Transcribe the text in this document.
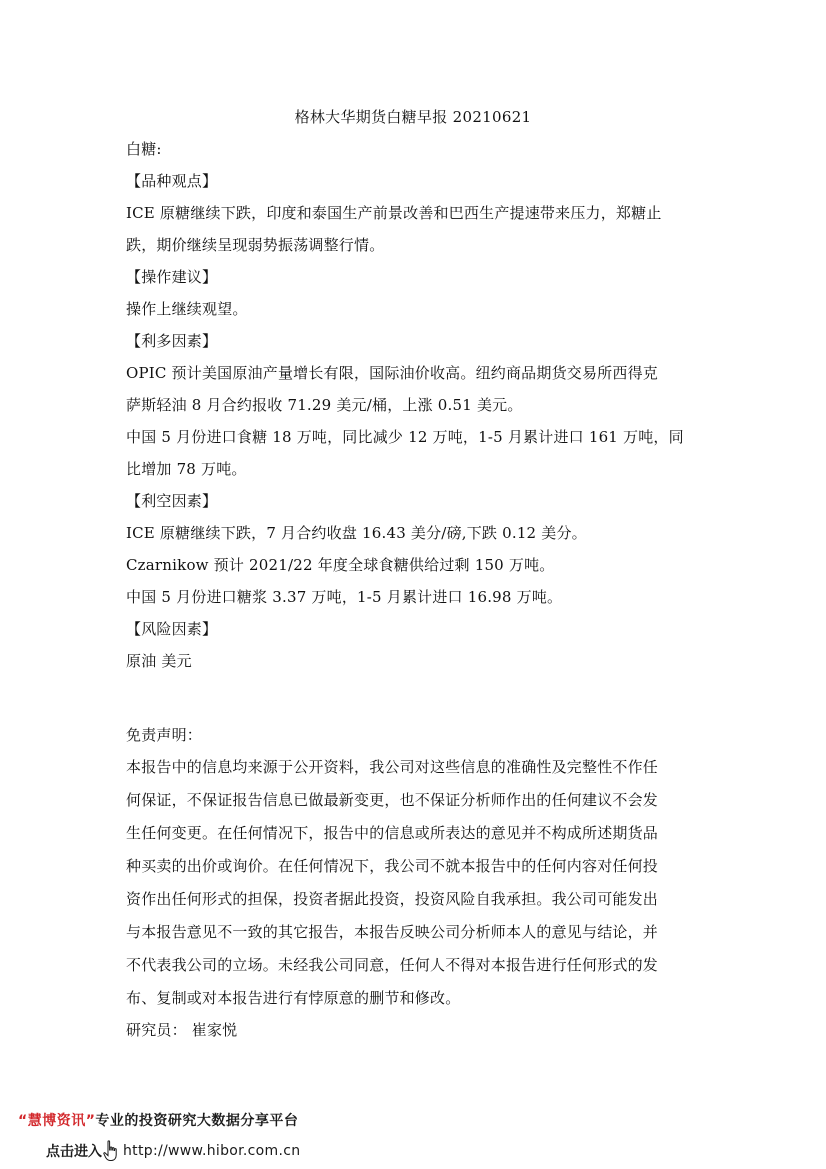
格林大华期货白糖早报 20210621

白糖:

【品种观点】

ICE 原糖继续下跌，印度和泰国生产前景改善和巴西生产提速带来压力，郑糖止

跌，期价继续呈现弱势振荡调整行情。

【操作建议】

操作上继续观望。

【利多因素】

OPIC 预计美国原油产量增长有限，国际油价收高。纽约商品期货交易所西得克

萨斯轻油 8 月合约报收 71.29 美元/桶，上涨 0.51 美元。

中国 5 月份进口食糖 18 万吨，同比减少 12 万吨，1-5 月累计进口 161 万吨，同

比增加 78 万吨。

【利空因素】

ICE 原糖继续下跌，7 月合约收盘 16.43 美分/磅,下跌 0.12 美分。

Czarnikow 预计 2021/22 年度全球食糖供给过剩 150 万吨。

中国 5 月份进口糖浆 3.37 万吨，1-5 月累计进口 16.98 万吨。

【风险因素】

原油 美元

免责声明：

本报告中的信息均来源于公开资料，我公司对这些信息的准确性及完整性不作任

何保证，不保证报告信息已做最新变更，也不保证分析师作出的任何建议不会发

生任何变更。在任何情况下，报告中的信息或所表达的意见并不构成所述期货品

种买卖的出价或询价。在任何情况下，我公司不就本报告中的任何内容对任何投

资作出任何形式的担保，投资者据此投资，投资风险自我承担。我公司可能发出

与本报告意见不一致的其它报告，本报告反映公司分析师本人的意见与结论，并

不代表我公司的立场。未经我公司同意，任何人不得对本报告进行任何形式的发

布、复制或对本报告进行有悖原意的删节和修改。

研究员： 崔家悦

“慧博资讯”专业的投资研究大数据分享平台
点击进入 http://www.hibor.com.cn
